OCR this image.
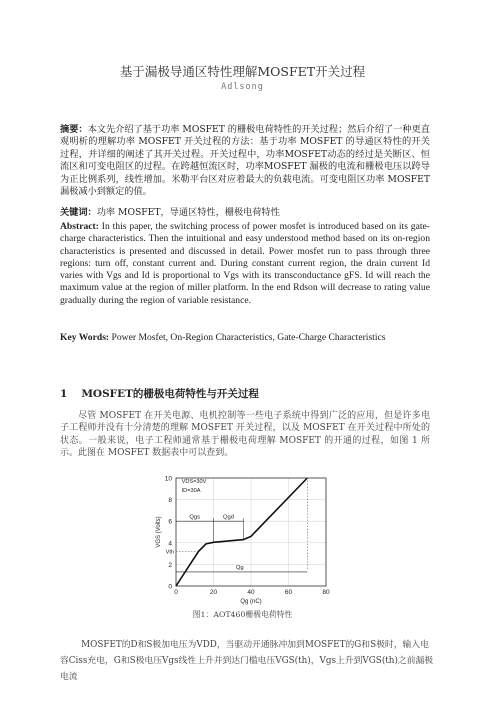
基于漏极导通区特性理解MOSFET开关过程
Adlsong
摘要：本文先介绍了基于功率 MOSFET 的栅极电荷特性的开关过程；然后介绍了一种更直观明析的理解功率 MOSFET 开关过程的方法：基于功率 MOSFET 的导通区特性的开关过程，并详细的阐述了其开关过程。开关过程中，功率MOSFET动态的经过是关断区、恒流区和可变电阻区的过程。在跨越恒流区时，功率MOSFET 漏极的电流和栅极电压以跨导为正比例系列，线性增加。米勒平台区对应着最大的负载电流。可变电阻区功率 MOSFET 漏极减小到额定的值。
关键词：功率 MOSFET，导通区特性，栅极电荷特性
Abstract: In this paper, the switching process of power mosfet is introduced based on its gate-charge characteristics. Then the intuitional and easy understood method based on its on-region characteristics is presented and discussed in detail. Power mosfet run to pass through three regions: turn off, constant current and. During constant current region, the drain current Id varies with Vgs and Id is proportional to Vgs with its transconductance gFS. Id will reach the maximum value at the region of miller platform. In the end Rdson will decrease to rating value gradually during the region of variable resistance.
Key Words: Power Mosfet, On-Region Characteristics, Gate-Charge Characteristics
1 MOSFET的栅极电荷特性与开关过程
尽管 MOSFET 在开关电源、电机控制等一些电子系统中得到广泛的应用，但是许多电子工程师并没有十分清楚的理解 MOSFET 开关过程，以及 MOSFET 在开关过程中所处的状态。一般来说，电子工程师通常基于栅极电荷理解 MOSFET 的开通的过程，如图 1 所示。此图在 MOSFET 数据表中可以查到。
0
2
4
6
8
10
0	20	40	60	80
Qg (nC)
VGS (Volts)
VDS=30V
ID=30A
Qgs	Qgd
Qg
Vth
图1：AOT460栅极电荷特性
MOSFET的D和S极加电压为VDD，当驱动开通脉冲加到MOSFET的G和S极时，输入电容Ciss充电，G和S极电压Vgs线性上升并到达门槛电压VGS(th)，Vgs上升到VGS(th)之前漏极电流
